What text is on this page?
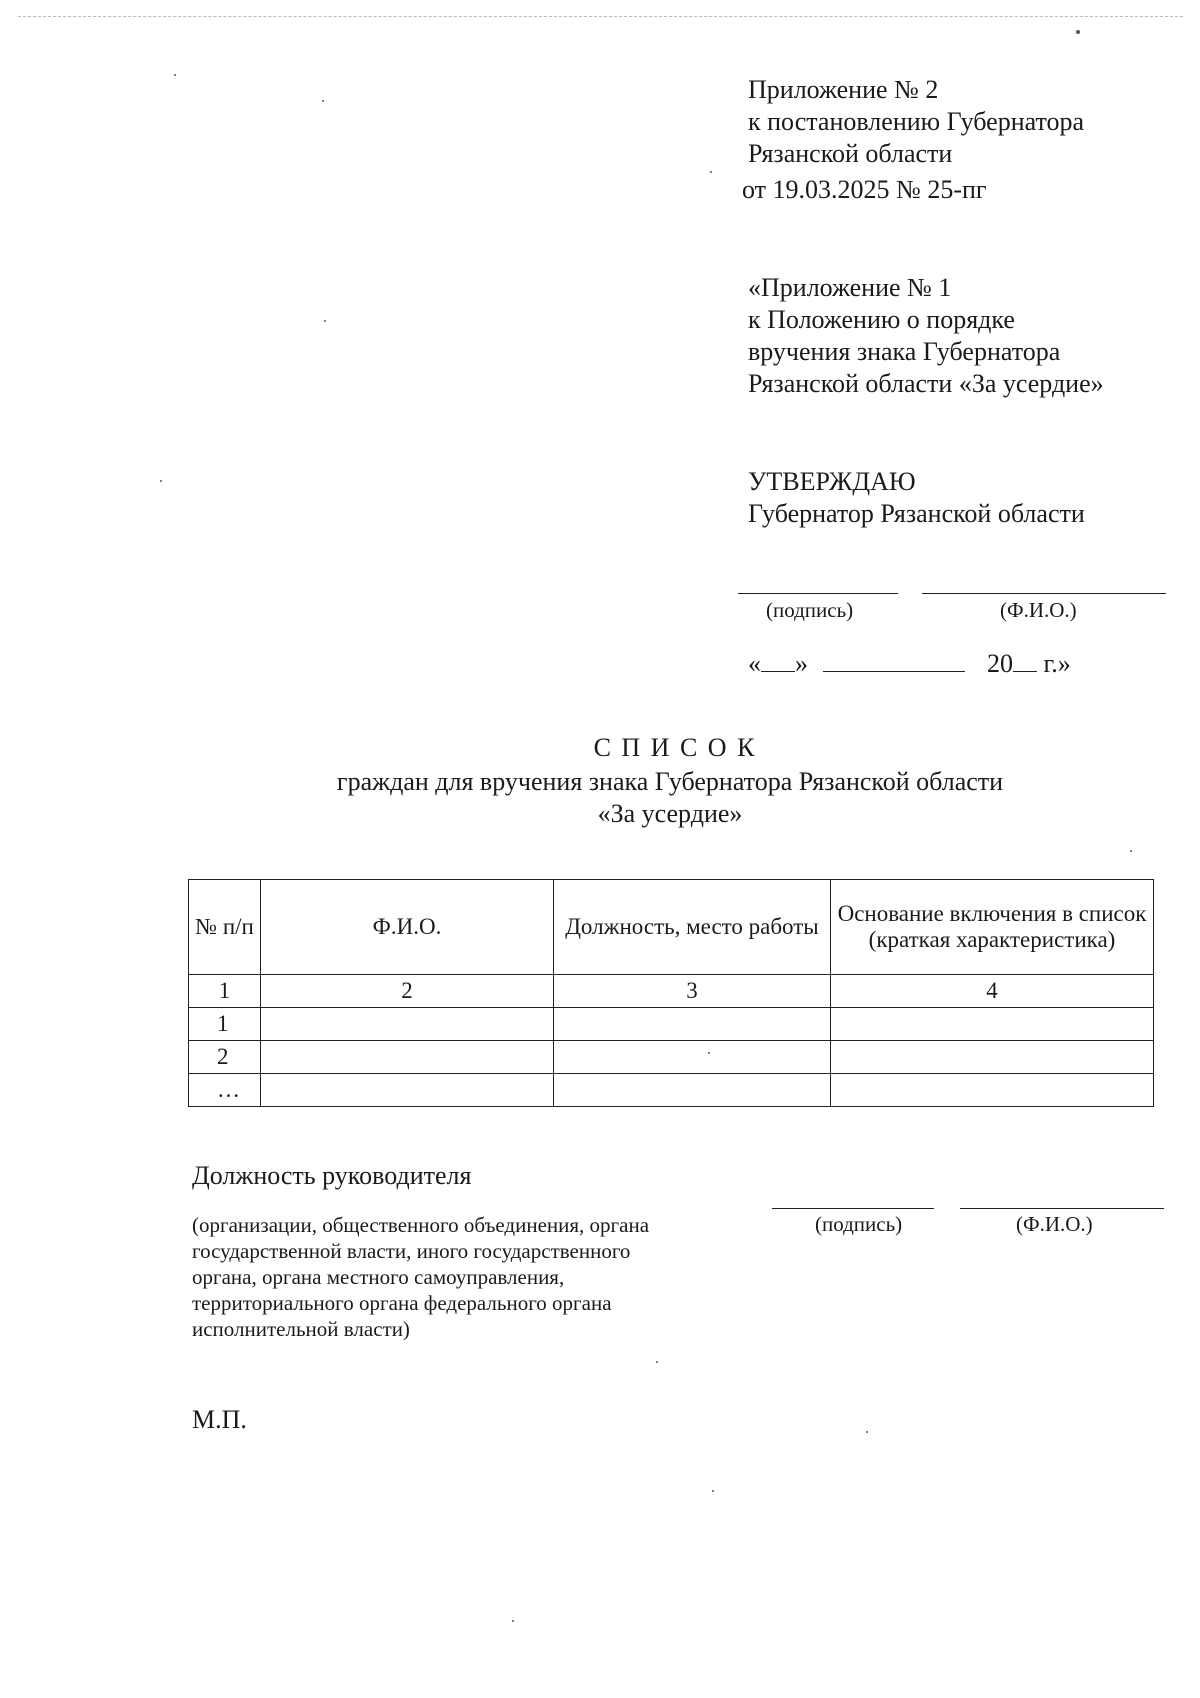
Приложение № 2
к постановлению Губернатора
Рязанской области
от 19.03.2025 № 25-пг
«Приложение № 1
к Положению о порядке
вручения знака Губернатора
Рязанской области «За усердие»
УТВЕРЖДАЮ
Губернатор Рязанской области
(подпись)	(Ф.И.О.)
« »	20 г.»
С П И С О К
граждан для вручения знака Губернатора Рязанской области
«За усердие»
№ п/п	Ф.И.О.	Должность, место работы	Основание включения в список (краткая характеристика)
1	2	3	4
1			
2			
…			
Должность руководителя
(организации, общественного объединения, органа
государственной власти, иного государственного
органа, органа местного самоуправления,
территориального органа федерального органа
исполнительной власти)
(подпись)	(Ф.И.О.)
М.П.
